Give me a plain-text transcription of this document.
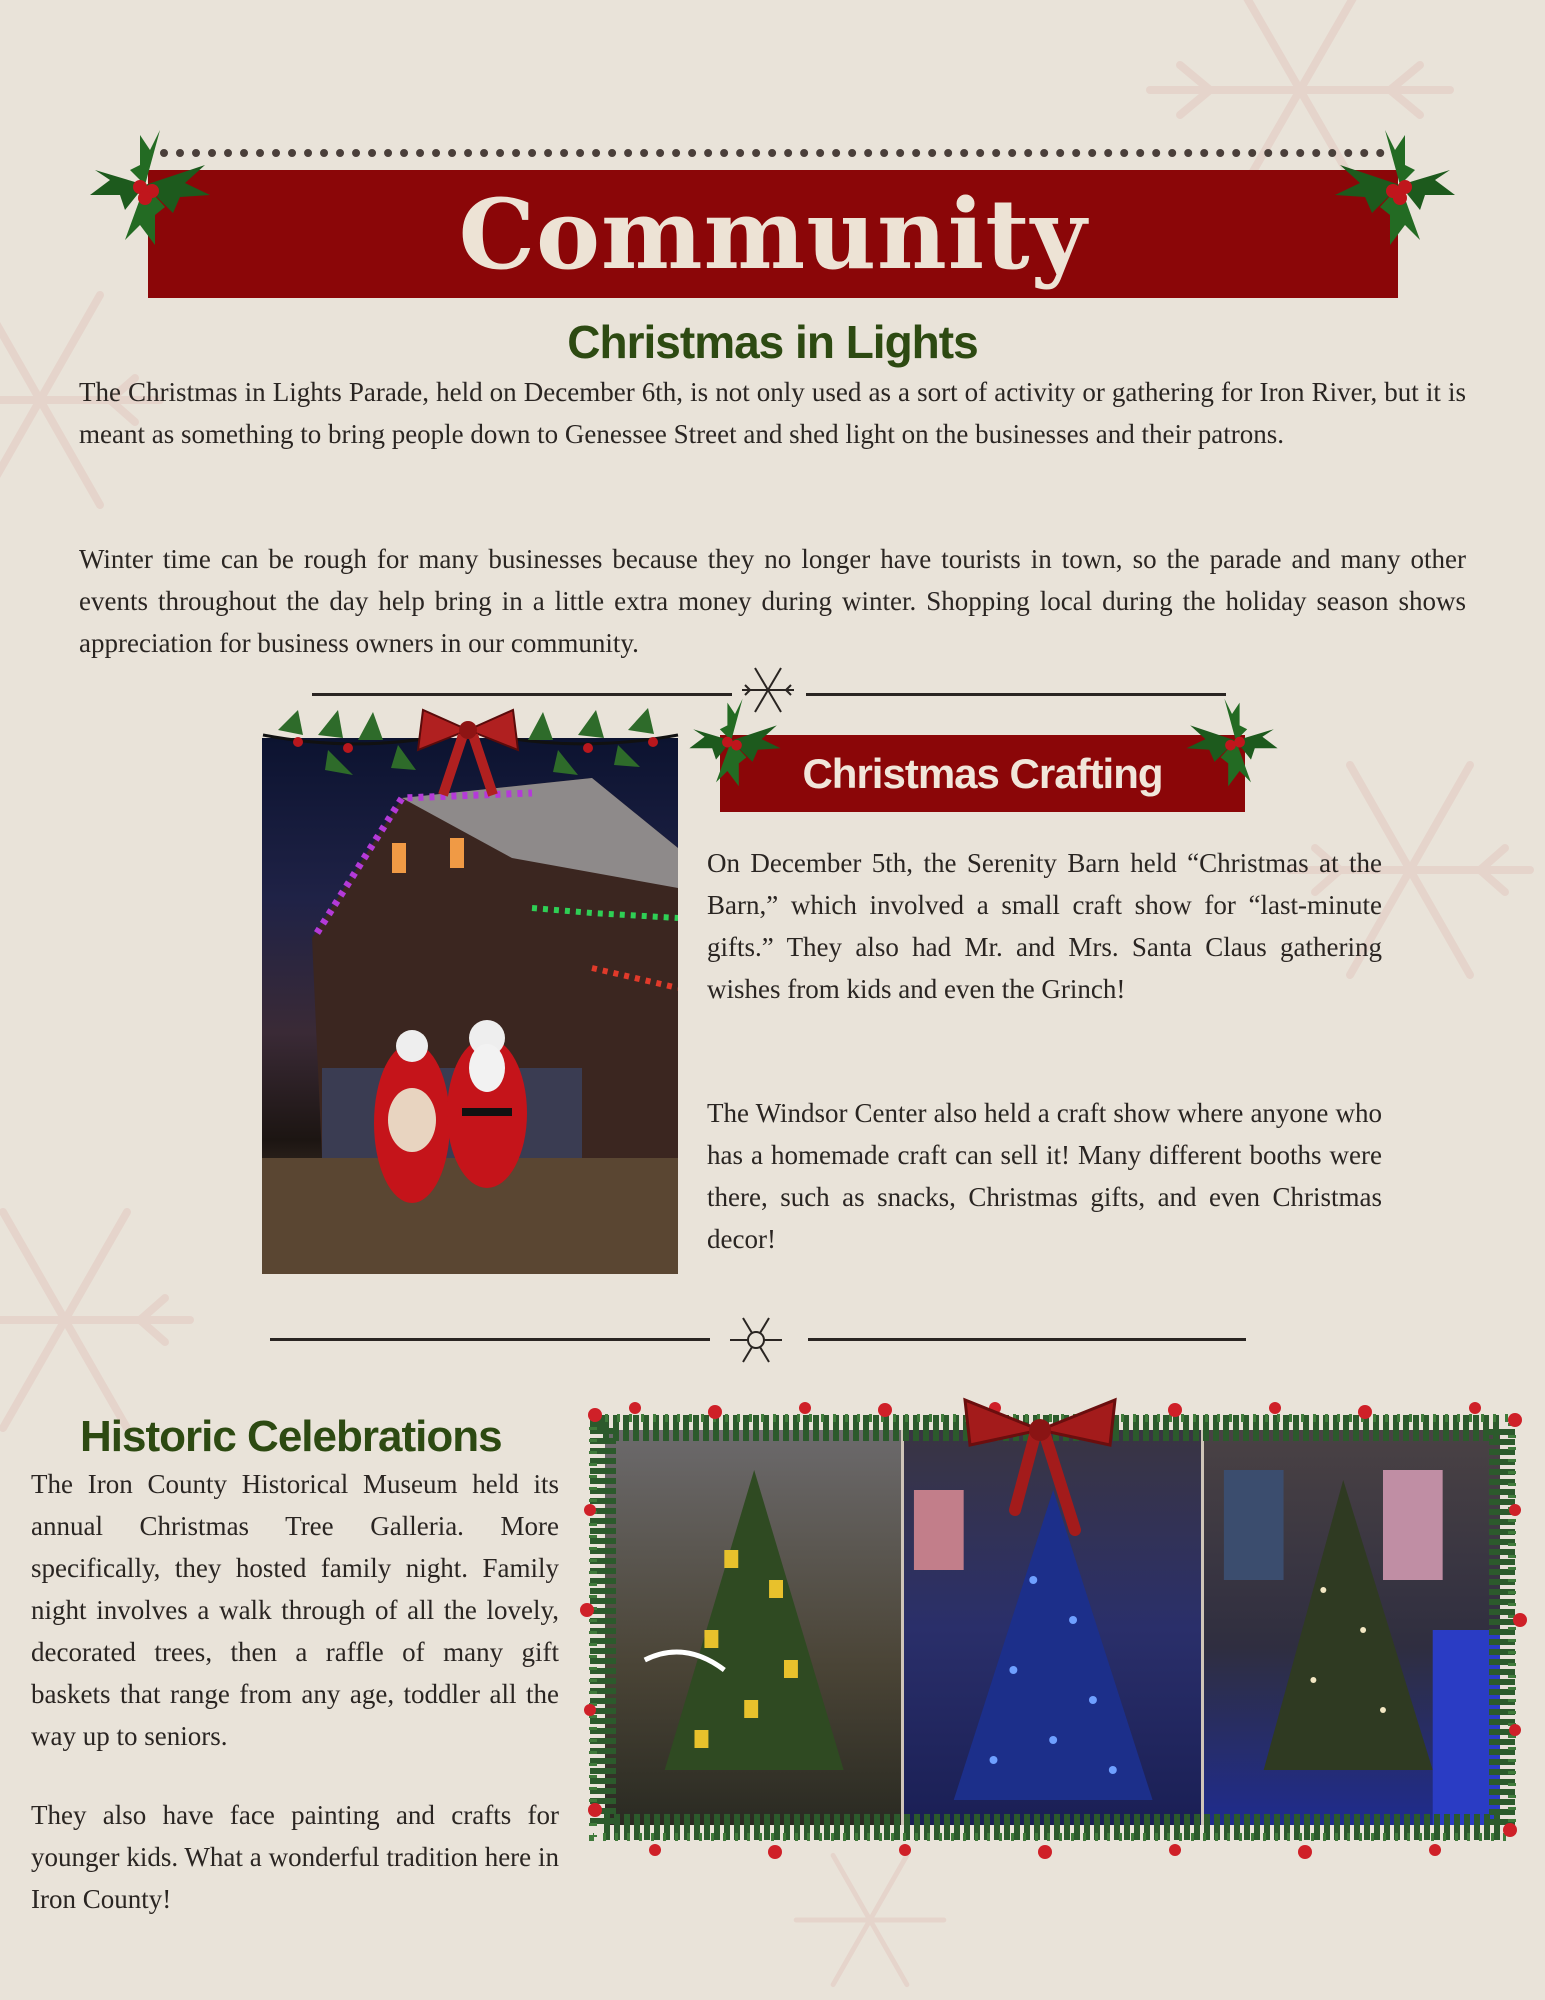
Community
Christmas in Lights
The Christmas in Lights Parade, held on December 6th, is not only used as a sort of activity or gathering for Iron River, but it is meant as something to bring people down to Genessee Street and shed light on the businesses and their patrons.
Winter time can be rough for many businesses because they no longer have tourists in town, so the parade and many other events throughout the day help bring in a little extra money during winter. Shopping local during the holiday season shows appreciation for business owners in our community.
Christmas Crafting
On December 5th, the Serenity Barn held “Christmas at the Barn,” which involved a small craft show for “last-minute gifts.” They also had Mr. and Mrs. Santa Claus gathering wishes from kids and even the Grinch!
The Windsor Center also held a craft show where anyone who has a homemade craft can sell it! Many different booths were there, such as snacks, Christmas gifts, and even Christmas decor!
Historic Celebrations
The Iron County Historical Museum held its annual Christmas Tree Galleria. More specifically, they hosted family night. Family night involves a walk through of all the lovely, decorated trees, then a raffle of many gift baskets that range from any age, toddler all the way up to seniors.
They also have face painting and crafts for younger kids. What a wonderful tradition here in Iron County!
